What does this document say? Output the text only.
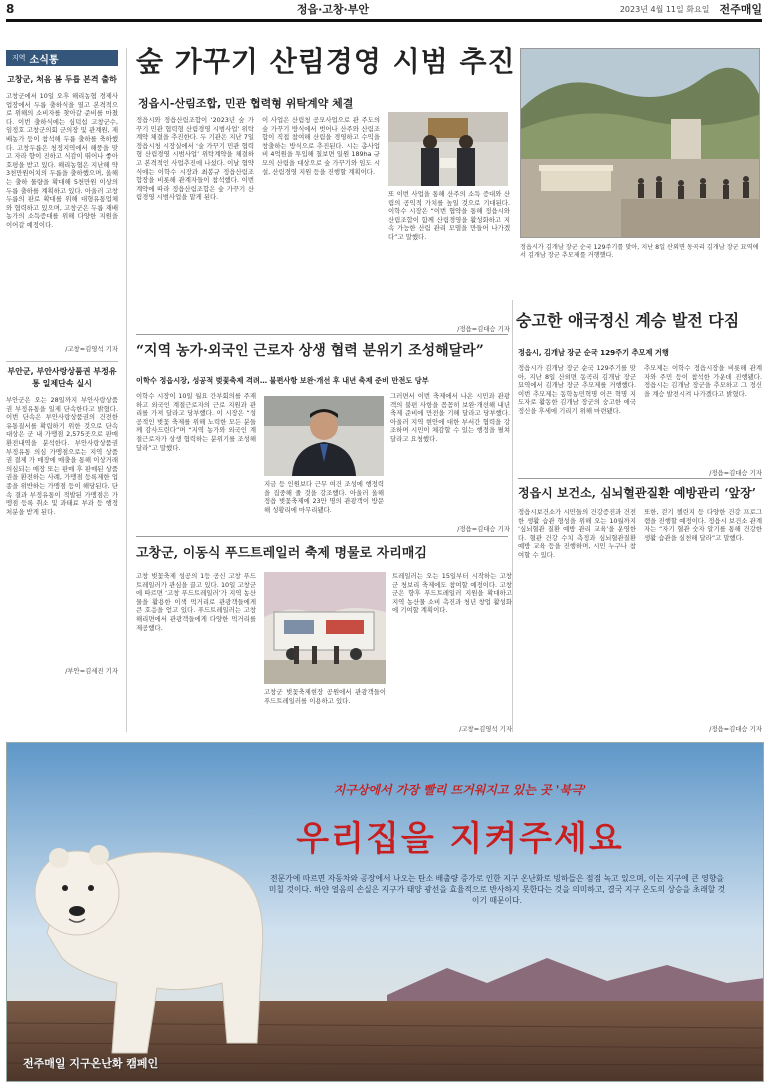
8	정읍·고창·부안	2023년 4월 11일 화요일 전주매일
지역 소식통
고창군, 처음 봄 두릅 본격 출하
고창군에서 10일 오후 해리농협 경제사업장에서 두릅 출하식을 열고 본격적으로 위해의 소비자를 찾아갈 준비를 마쳤다. 이번 출하식에는 심덕섭 고창군수, 임정호 고창군의회 군의장 및 관계원, 재배농가 등이 참석해 두릅 출하를 축하했다. 고창두릅은 청정지역에서 해풍을 맞고 자라 향이 진하고 식감이 뛰어나 좋아 호평을 받고 있다. 해리농협은 지난해 약 3천만원어치의 두릅을 출하했으며, 올해는 출하 물량을 확대해 5천만원 이상의 두릅 출하를 계획하고 있다. 아울러 고창두릅의 판로 확대를 위해 대형유통업체와 협력하고 있으며, 고창군은 두릅 재배농가의 소득증대를 위해 다양한 지원을 이어갈 예정이다.
/고창=김영석 기자
부안군, 부안사랑상품권 부정유통 일제단속 실시
부안군은 오는 28일까지 부안사랑상품권 부정유통을 일제 단속한다고 밝혔다. 이번 단속은 부안사랑상품권의 건전한 유통질서를 확립하기 위한 것으로 단속대상은 군 내 가맹점 2,575곳으로 판매환전내역을 분석한다. 부안사랑상품권 부정유통 의심 가맹점으로는 지역 상품권 결제 가 매장에 매출을 통해 이상거래 의심되는 매장 또는 판매 후 판매된 상품권을 환전하는 사례, 가맹점 등록제한 업종을 위반하는 가맹점 등이 해당된다. 단속 결과 부정유통이 적발된 가맹점은 가맹점 등록 취소 및 과태료 부과 등 행정 처분을 받게 된다.
/부안=김세진 기자
숲 가꾸기 산림경영 시범 추진
정읍시-산림조합, 민관 협력형 위탁계약 체결
정읍시와 정읍산림조합이 ‘2023년 숲 가꾸기 민관 협력형 산림경영 시범사업’ 위탁계약 체결을 추진한다. 두 기관은 지난 7일 정읍시청 시장실에서 ‘숲 가꾸기 민관 협력형 산림경영 시범사업’ 위탁계약을 체결하고 본격적인 사업추진에 나섰다. 이날 협약식에는 이학수 시장과 최봉규 정읍산림조합장을 비롯해 관계자들이 참석했다. 이번 계약에 따라 정읍산림조합은 숲 가꾸기 산림경영 시범사업을 맡게 된다.
이 사업은 산림청 공모사업으로 관 주도의 숲 가꾸기 방식에서 벗어나 산주와 산림조합이 직접 참여해 산림을 경영하고 수익을 창출하는 방식으로 추진된다. 시는 총사업비 4억원을 투입해 칠보면 일원 189ha 규모의 산림을 대상으로 숲 가꾸기와 임도 시설, 산림경영 지원 등을 진행할 계획이다.
또 이번 사업을 통해 산주의 소득 증대와 산림의 공익적 가치를 높일 것으로 기대된다. 이학수 시장은 “이번 협약을 통해 정읍시와 산림조합이 함께 산림경영을 활성화하고 지속 가능한 산림 관리 모델을 만들어 나가겠다”고 말했다.
/정읍=김대승 기자
정읍시가 김개남 장군 순국 129주기를 맞아, 지난 8일 산외면 동곡리 김개남 장군 묘역에서 김개남 장군 추모제를 거행했다.
“지역 농가·외국인 근로자 상생 협력 분위기 조성해달라”
이학수 정읍시장, 성공적 벚꽃축제 격려… 불편사항 보완·개선 후 내년 축제 준비 만전도 당부
이학수 시장이 10일 월요 간부회의를 주재하고 외국인 계절근로자의 근로 지원과 관리를 가져 달라고 당부했다. 이 시장은 “성공적인 벚꽃 축제를 위해 노력한 모든 분들께 감사드린다”며 “지역 농가와 외국인 계절근로자가 상생 협력하는 분위기를 조성해 달라”고 말했다.
지금 등 인원보다 근무 여건 조성에 행정력을 집중해 줄 것을 강조했다. 아울러 올해 정읍 벚꽃축제에 23만 명의 관광객이 방문해 성황리에 마무리됐다.
그러면서 이번 축제에서 나온 시민과 관광객의 불편 사항을 꼼꼼히 보완·개선해 내년 축제 준비에 만전을 기해 달라고 당부했다. 아울러 지역 현안에 대한 부서간 협력을 강조하며 시민이 체감할 수 있는 행정을 펼쳐 달라고 요청했다.
/정읍=김대승 기자
고창군, 이동식 푸드트레일러 축제 명물로 자리매김
고창 벚꽃축제 성공의 1등 공신 고창 푸드트레일러가 관심을 끌고 있다. 10일 고창군에 따르면 ‘고창 푸드트레일러’가 지역 농산물을 활용한 이색 먹거리로 관광객들에게 큰 호응을 얻고 있다. 푸드트레일러는 고창해리면에서 관광객들에게 다양한 먹거리를 제공했다.
고창군 벚꽃축제현장 공원에서 관광객들이 푸드트레일러를 이용하고 있다.
트레일러는 오는 15일부터 시작하는 고창군 청보리 축제에도 참여할 예정이다. 고창군은 향후 푸드트레일러 지원을 확대하고 지역 농산물 소비 촉진과 청년 창업 활성화에 기여할 계획이다.
/고창=김영석 기자
숭고한 애국정신 계승 발전 다짐
정읍시, 김개남 장군 순국 129주기 추모제 거행
정읍시가 김개남 장군 순국 129주기를 맞아, 지난 8일 산외면 동곡리 김개남 장군 묘역에서 김개남 장군 추모제를 거행했다. 이번 추모제는 동학농민혁명 이끈 혁명 지도자로 활동한 김개남 장군의 숭고한 애국정신을 후세에 기리기 위해 마련됐다.
추모제는 이학수 정읍시장을 비롯해 관계자와 주민 등이 참석한 가운데 진행됐다. 정읍시는 김개남 장군을 추모하고 그 정신을 계승 발전시켜 나가겠다고 밝혔다.
/정읍=김대승 기자
정읍시 보건소, 심뇌혈관질환 예방관리 ‘앞장’
정읍시보건소가 시민들의 건강증진과 건전한 생활 습관 형성을 위해 오는 10월까지 ‘심뇌혈관 질환 예방 관리 교육’을 운영한다. 혈관 건강 수치 측정과 심뇌혈관질환 예방 교육 등을 진행하며, 시민 누구나 참여할 수 있다.
또한, 걷기 챌린지 등 다양한 건강 프로그램을 진행할 예정이다. 정읍시 보건소 관계자는 “자기 혈관 숫자 알기를 통해 건강한 생활 습관을 실천해 달라”고 말했다.
/정읍=김대승 기자
지구상에서 가장 빨리 뜨거워지고 있는 곳 '북극'
우리집을 지켜주세요
전문가에 따르면 자동차와 공장에서 나오는 탄소 배출량 증가로 인한 지구 온난화로 빙하들은 점점 녹고 있으며, 이는 지구에 큰 영향을 미칠 것이다. 하얀 얼음의 손실은 지구가 태양 광선을 효율적으로 반사하지 못한다는 것을 의미하고, 결국 지구 온도의 상승을 초래할 것이기 때문이다.
전주매일 지구온난화 캠페인
